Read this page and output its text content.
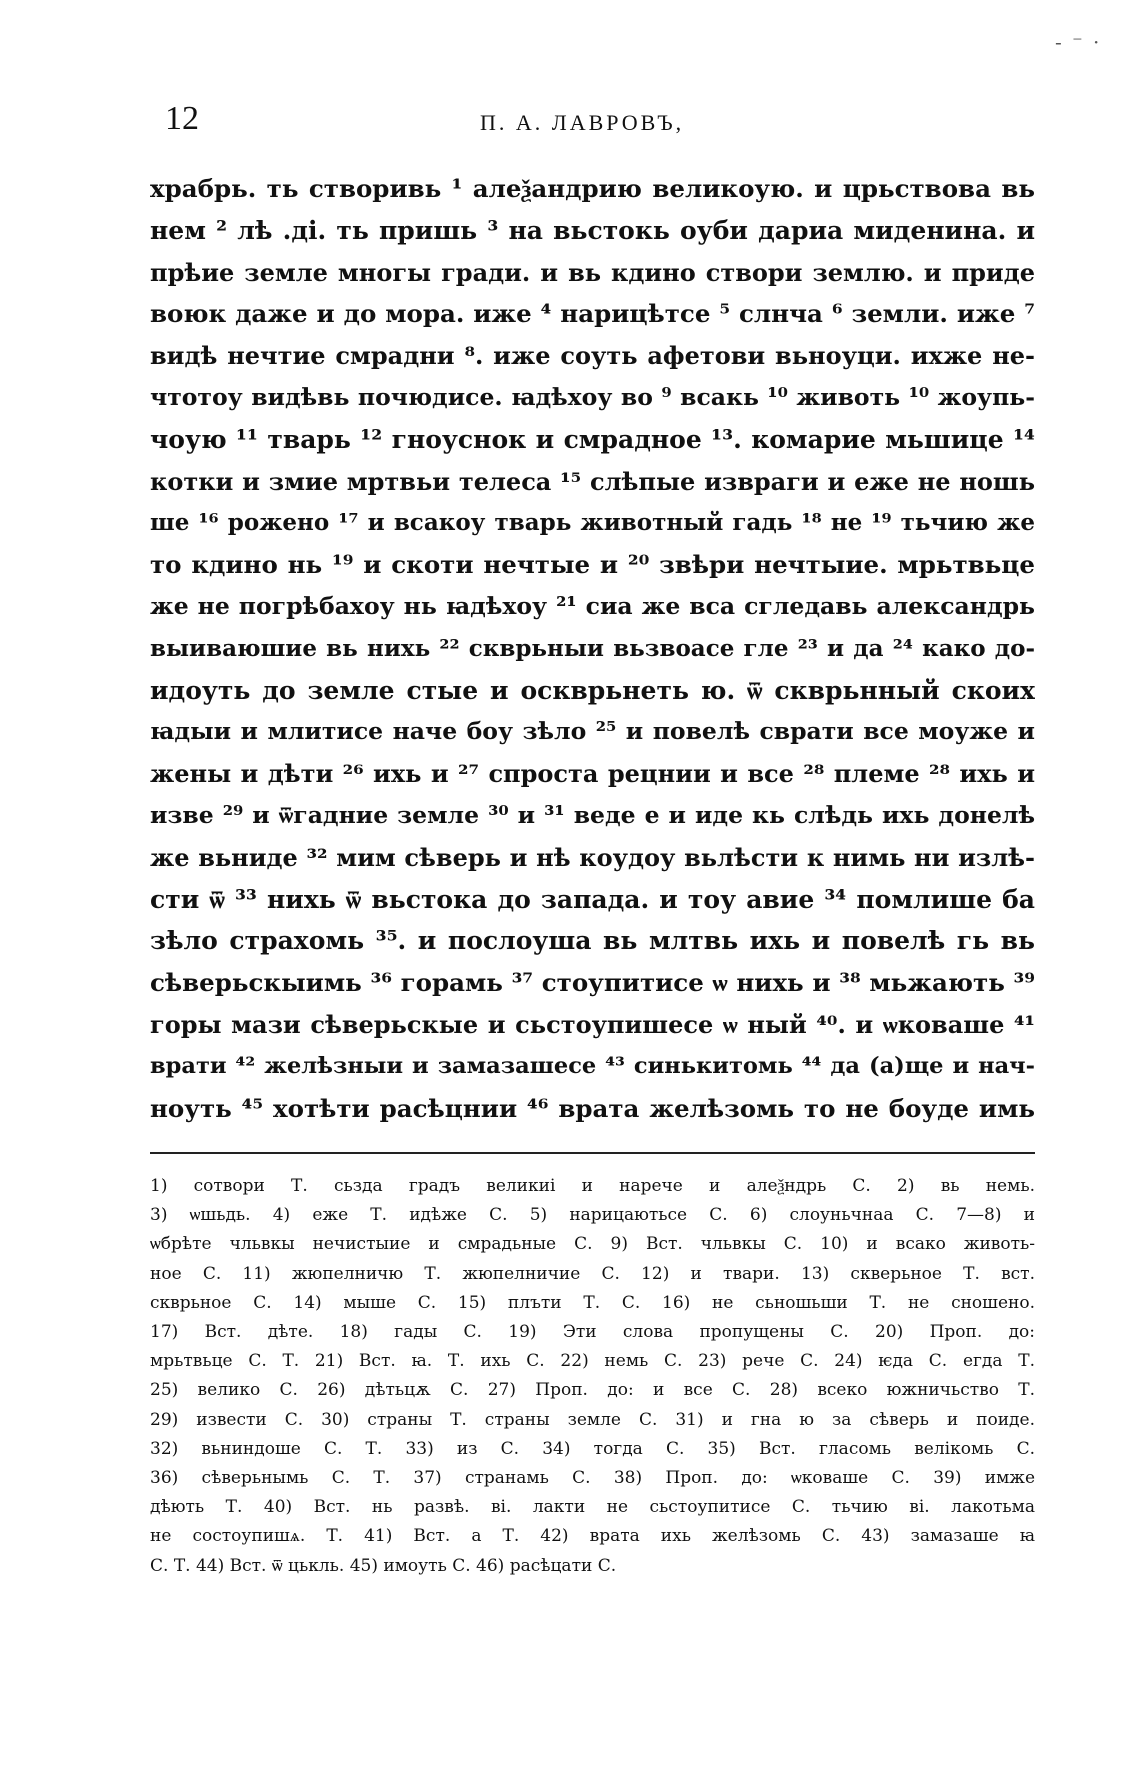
- ⁻ ·
12	П. А. ЛАВРОВЪ,
храбрь. ть створивь ¹ алеѯандрию великоую. и црьствова вь
нем ² лѣ .ді. ть пришь ³ на вьстокь оуби дариа миденина. и
прѣие земле многы гради. и вь кдино створи землю. и приде
воюк даже и до мора. иже ⁴ нарицѣтсе ⁵ слнча ⁶ земли. иже ⁷
видѣ нечтие смрадни ⁸. иже соуть афетови вьноуци. ихже не-
чтотоу видѣвь почюдисе. ꙗдѣхоу во ⁹ всакь ¹⁰ животь ¹⁰ жоупь-
чоую ¹¹ тварь ¹² гноуснок и смрадное ¹³. комарие мьшице ¹⁴
котки и змие мртвьи телеса ¹⁵ слѣпые извраги и еже не ношь
ше ¹⁶ рожено ¹⁷ и всакоу тварь животный гадь ¹⁸ не ¹⁹ тьчию же
то кдино нь ¹⁹ и скоти нечтые и ²⁰ звѣри нечтыие. мрьтвьце
же не погрѣбахоу нь ꙗдѣхоу ²¹ сиа же вса сгледавь александрь
выиваюшие вь нихь ²² скврьныи вьзвоасе гле ²³ и да ²⁴ како до-
идоуть до земле стые и оскврьнеть ю. ѿ скврьнный скоих
ꙗдыи и млитисе наче боу зѣло ²⁵ и повелѣ сврати все моуже и
жены и дѣти ²⁶ ихь и ²⁷ спроста рецнии и все ²⁸ племе ²⁸ ихь и
изве ²⁹ и ѿгадние земле ³⁰ и ³¹ веде е и иде кь слѣдь ихь донелѣ
же вьниде ³² мим сѣверь и нѣ коудоу вьлѣсти к нимь ни излѣ-
сти ѿ ³³ нихь ѿ вьстока до запада. и тоу авие ³⁴ помлише ба
зѣло страхомь ³⁵. и послоуша вь млтвь ихь и повелѣ гь вь
сѣверьскыимь ³⁶ горамь ³⁷ стоупитисе ѡ нихь и ³⁸ мьжають ³⁹
горы мази сѣверьскые и сьстоупишесе ѡ ный ⁴⁰. и ѡковаше ⁴¹
врати ⁴² желѣзныи и замазашесе ⁴³ синькитомь ⁴⁴ да (а)ще и нач-
ноуть ⁴⁵ хотѣти расѣцнии ⁴⁶ врата желѣзомь то не боуде имь
1) сотвори Т. сьзда градъ великиі и нарече и алеѯндрь С. 2) вь немь.
3) ѡшьдь. 4) еже Т. идѣже С. 5) нарицаютьсе С. 6) слоуньчнаа С. 7—8) и
ѡбрѣте чльвкы нечистыие и смрадьные С. 9) Вст. чльвкы С. 10) и всако животь-
ное С. 11) жюпелничю Т. жюпелничие С. 12) и твари. 13) скверьное Т. вст.
скврьное С. 14) мыше С. 15) плъти Т. С. 16) не сьношьши Т. не сношено.
17) Вст. дѣте. 18) гады С. 19) Эти слова пропущены С. 20) Проп. до:
мрьтвьце С. Т. 21) Вст. ꙗ. Т. ихь С. 22) немь С. 23) рече С. 24) ѥда С. егда Т.
25) велико С. 26) дѣтьцѫ С. 27) Проп. до: и все С. 28) всеко южничьство Т.
29) извести С. 30) страны Т. страны земле С. 31) и гна ю за сѣверь и поиде.
32) вьниндоше С. Т. 33) из С. 34) тогда С. 35) Вст. гласомь велікомь С.
36) сѣверьнымь С. Т. 37) странамь С. 38) Проп. до: ѡковаше С. 39) имже
дѣють Т. 40) Вст. нь развѣ. ві. лакти не сьстоупитисе С. тьчию ві. лакотьма
не состоупишѧ. Т. 41) Вст. а Т. 42) врата ихь желѣзомь С. 43) замазаше ꙗ
С. Т. 44) Вст. ѿ цькль. 45) имоуть С. 46) расѣцати С.
